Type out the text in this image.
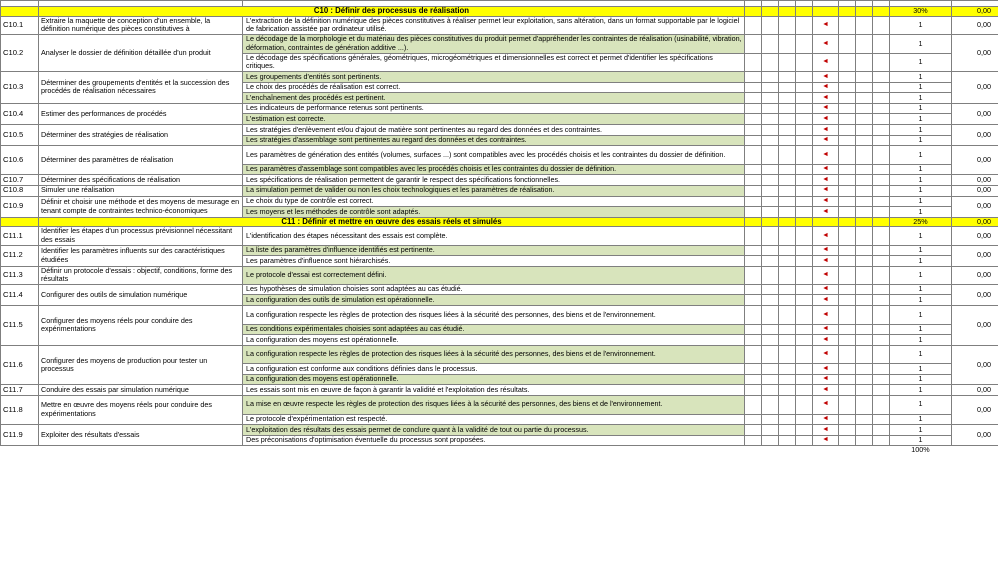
	C10 : Définir des processus de réalisation										30%	0,00
C10.1	Extraire la maquette de conception d'un ensemble, la définition numérique des pièces constitutives à	L'extraction de la définition numérique des pièces constitutives à réaliser permet leur exploitation, sans altération, dans un format supportable par le logiciel de fabrication assistée par ordinateur utilisé.					◄				1	0,00
C10.2	Analyser le dossier de définition détaillée d'un produit	Le décodage de la morphologie et du matériau des pièces constitutives du produit permet d'appréhender les contraintes de réalisation (usinabilité, vibration, déformation, contraintes de génération additive ...).					◄				1	0,00
		Le décodage des spécifications générales, géométriques, microgéométriques et dimensionnelles est correct et permet d'identifier les spécifications critiques.					◄				1	
C10.3	Déterminer des groupements d'entités et la succession des procédés de réalisation nécessaires	Les groupements d'entités sont pertinents.					◄				1	0,00
		Le choix des procédés de réalisation est correct.					◄				1	
		L'enchaînement des procédés est pertinent.					◄				1	
C10.4	Estimer des performances de procédés	Les indicateurs de performance retenus sont pertinents.					◄				1	0,00
		L'estimation est correcte.					◄				1	
C10.5	Déterminer des stratégies de réalisation	Les stratégies d'enlèvement et/ou d'ajout de matière sont pertinentes au regard des données et des contraintes.					◄				1	0,00
		Les stratégies d'assemblage sont pertinentes au regard des données et des contraintes.					◄				1	
C10.6	Déterminer des paramètres de réalisation	Les paramètres de génération des entités (volumes, surfaces ...) sont compatibles avec les procédés choisis et les contraintes du dossier de définition.					◄				1	0,00
		Les paramètres d'assemblage sont compatibles avec les procédés choisis et les contraintes du dossier de définition.					◄				1	
C10.7	Déterminer des spécifications de réalisation	Les spécifications de réalisation permettent de garantir le respect des spécifications fonctionnelles.					◄				1	0,00
C10.8	Simuler une réalisation	La simulation permet de valider ou non les choix technologiques et les paramètres de réalisation.					◄				1	0,00
C10.9	Définir et choisir une méthode et des moyens de mesurage en tenant compte de contraintes technico-économiques	Le choix du type de contrôle est correct.					◄				1	0,00
		Les moyens et les méthodes de contrôle sont adaptés.					◄				1	
	C11 : Définir et mettre en œuvre des essais réels et simulés										25%	0,00
C11.1	Identifier les étapes d'un processus prévisionnel nécessitant des essais	L'identification des étapes nécessitant des essais est complète.					◄				1	0,00
C11.2	Identifier les paramètres influents sur des caractéristiques étudiées	La liste des paramètres d'influence identifiés est pertinente.					◄				1	0,00
		Les paramètres d'influence sont hiérarchisés.					◄				1	
C11.3	Définir un protocole d'essais : objectif, conditions, forme des résultats	Le protocole d'essai est correctement défini.					◄				1	0,00
C11.4	Configurer des outils de simulation numérique	Les hypothèses de simulation choisies sont adaptées au cas étudié.					◄				1	0,00
		La configuration des outils de simulation est opérationnelle.					◄				1	
C11.5	Configurer des moyens réels pour conduire des expérimentations	La configuration respecte les règles de protection des risques liées à la sécurité des personnes, des biens et de l'environnement.					◄				1	0,00
		Les conditions expérimentales choisies sont adaptées au cas étudié.					◄				1	
		La configuration des moyens est opérationnelle.					◄				1	
C11.6	Configurer des moyens de production pour tester un processus	La configuration respecte les règles de protection des risques liées à la sécurité des personnes, des biens et de l'environnement.					◄				1	0,00
		La configuration est conforme aux conditions définies dans le processus.					◄				1	
		La configuration des moyens est opérationnelle.					◄				1	
C11.7	Conduire des essais par simulation numérique	Les essais sont mis en œuvre de façon à garantir la validité et l'exploitation des résultats.					◄				1	0,00
C11.8	Mettre en œuvre des moyens réels pour conduire des expérimentations	La mise en œuvre respecte les règles de protection des risques liées à la sécurité des personnes, des biens et de l'environnement.					◄				1	0,00
		Le protocole d'expérimentation est respecté.					◄				1	
C11.9	Exploiter des résultats d'essais	L'exploitation des résultats des essais permet de conclure quant à la validité de tout ou partie du processus.					◄				1	0,00
		Des préconisations d'optimisation éventuelle du processus sont proposées.					◄				1	
											100%	
